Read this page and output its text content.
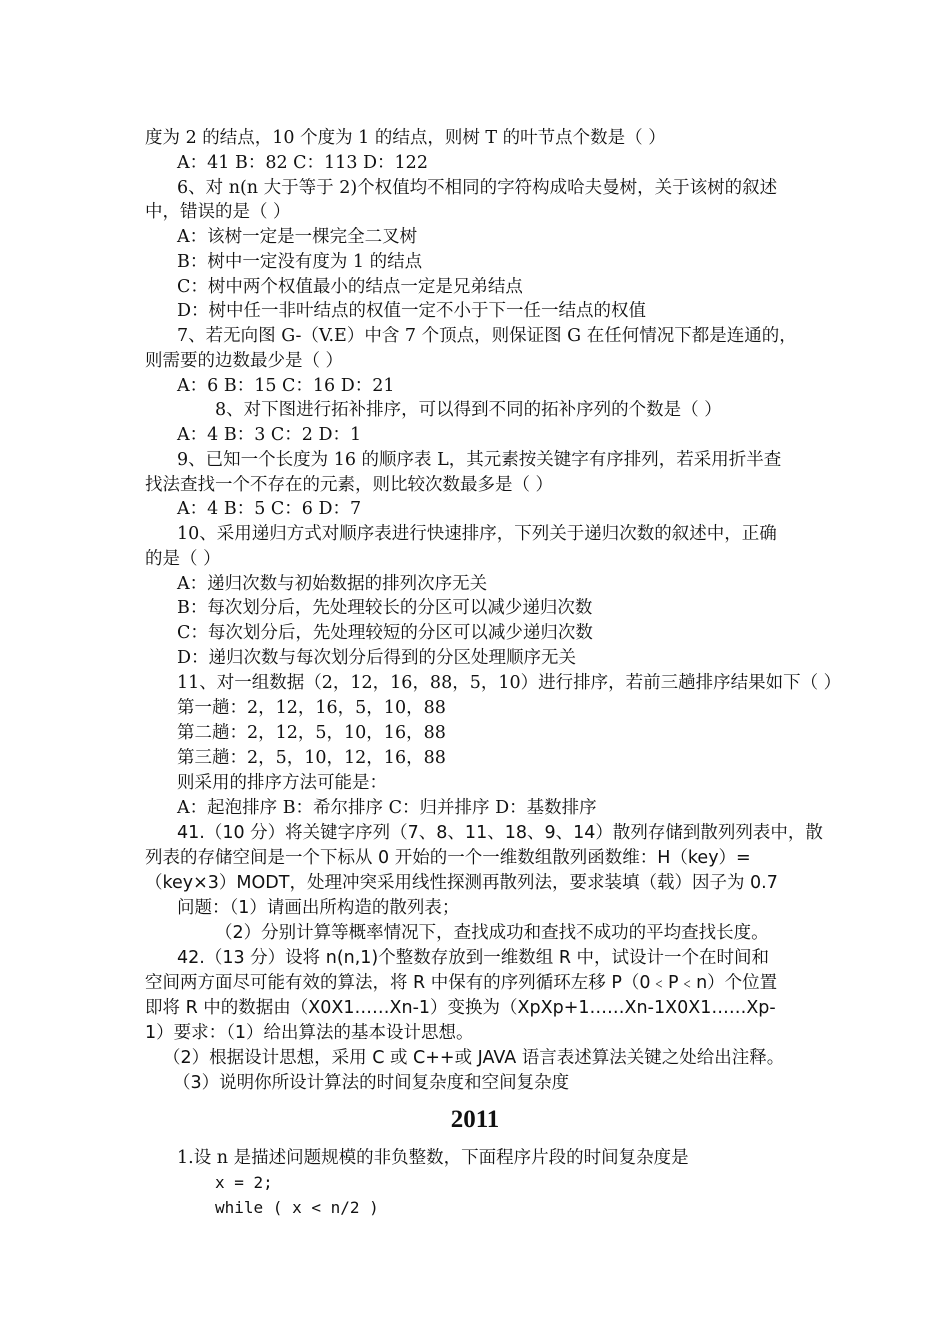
度为 2 的结点，10 个度为 1 的结点，则树 T 的叶节点个数是（ ）
A：41 B：82 C：113 D：122
6、对 n(n 大于等于 2)个权值均不相同的字符构成哈夫曼树，关于该树的叙述
中，错误的是（ ）
A：该树一定是一棵完全二叉树
B：树中一定没有度为 1 的结点
C：树中两个权值最小的结点一定是兄弟结点
D：树中任一非叶结点的权值一定不小于下一任一结点的权值
7、若无向图 G-（V.E）中含 7 个顶点，则保证图 G 在任何情况下都是连通的，
则需要的边数最少是（ ）
A：6 B：15 C：16 D：21
8、对下图进行拓补排序，可以得到不同的拓补序列的个数是（ ）
A：4 B：3 C：2 D：1
9、已知一个长度为 16 的顺序表 L，其元素按关键字有序排列，若采用折半查
找法查找一个不存在的元素，则比较次数最多是（ ）
A：4 B：5 C：6 D：7
10、采用递归方式对顺序表进行快速排序，下列关于递归次数的叙述中，正确
的是（ ）
A：递归次数与初始数据的排列次序无关
B：每次划分后，先处理较长的分区可以减少递归次数
C：每次划分后，先处理较短的分区可以减少递归次数
D：递归次数与每次划分后得到的分区处理顺序无关
11、对一组数据（2，12，16，88，5，10）进行排序，若前三趟排序结果如下（ ）
第一趟：2，12，16，5，10，88
第二趟：2，12，5，10，16，88
第三趟：2，5，10，12，16，88
则采用的排序方法可能是：
A：起泡排序 B：希尔排序 C：归并排序 D：基数排序
41.（10 分）将关键字序列（7、8、11、18、9、14）散列存储到散列列表中，散
列表的存储空间是一个下标从 0 开始的一个一维数组散列函数维：H（key）=
（key×3）MODT，处理冲突采用线性探测再散列法，要求装填（载）因子为 0.7
问题：（1）请画出所构造的散列表；
（2）分别计算等概率情况下，查找成功和查找不成功的平均查找长度。
42.（13 分）设将 n(n,1)个整数存放到一维数组 R 中，试设计一个在时间和
空间两方面尽可能有效的算法，将 R 中保有的序列循环左移 P（0﹤P﹤n）个位置
即将 R 中的数据由（X0X1……Xn-1）变换为（XpXp+1……Xn-1X0X1……Xp-
1）要求：（1）给出算法的基本设计思想。
（2）根据设计思想，采用 C 或 C++或 JAVA 语言表述算法关键之处给出注释。
（3）说明你所设计算法的时间复杂度和空间复杂度
2011
1.设 n 是描述问题规模的非负整数，下面程序片段的时间复杂度是
x = 2;
while ( x < n/2 )
